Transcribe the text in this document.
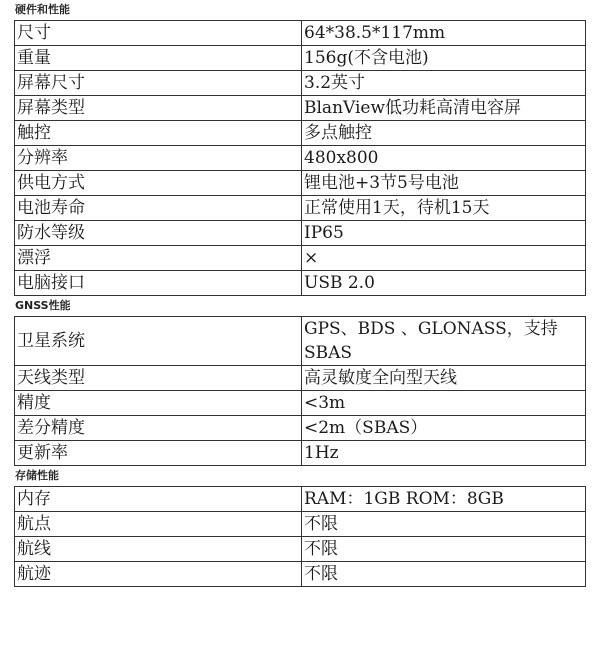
硬件和性能
尺寸	64*38.5*117mm
重量	156g(不含电池)
屏幕尺寸	3.2英寸
屏幕类型	BlanView低功耗高清电容屏
触控	多点触控
分辨率	480x800
供电方式	锂电池+3节5号电池
电池寿命	正常使用1天，待机15天
防水等级	IP65
漂浮	×
电脑接口	USB 2.0
GNSS性能
卫星系统	GPS、BDS 、GLONASS，支持SBAS
天线类型	高灵敏度全向型天线
精度	<3m
差分精度	<2m（SBAS）
更新率	1Hz
存储性能
内存	RAM：1GB ROM：8GB
航点	不限
航线	不限
航迹	不限
